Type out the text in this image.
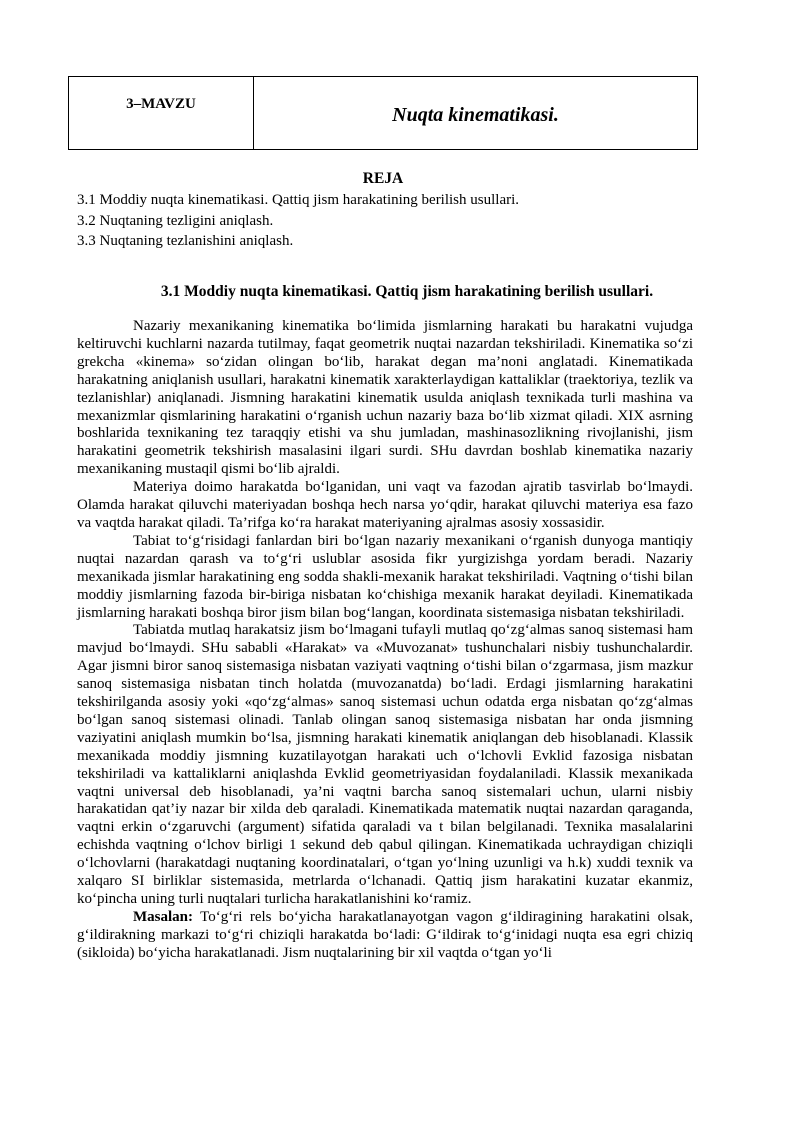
3–MAVZU	Nuqta kinematikasi.
REJA
3.1 Moddiy nuqta kinematikasi. Qattiq jism harakatining berilish usullari.
3.2 Nuqtaning tezligini aniqlash.
3.3 Nuqtaning tezlanishini aniqlash.
3.1 Moddiy nuqta kinematikasi. Qattiq jism harakatining berilish usullari.

Nazariy mexanikaning kinematika bo‘limida jismlarning harakati bu harakatni vujudga keltiruvchi kuchlarni nazarda tutilmay, faqat geometrik nuqtai nazardan tekshiriladi. Kinematika so‘zi grekcha «kinema» so‘zidan olingan bo‘lib, harakat degan ma’noni anglatadi. Kinematikada harakatning aniqlanish usullari, harakatni kinematik xarakterlaydigan kattaliklar (traektoriya, tezlik va tezlanishlar) aniqlanadi. Jismning harakatini kinematik usulda aniqlash texnikada turli mashina va mexanizmlar qismlarining harakatini o‘rganish uchun nazariy baza bo‘lib xizmat qiladi. XIX asrning boshlarida texnikaning tez taraqqiy etishi va shu jumladan, mashinasozlikning rivojlanishi, jism harakatini geometrik tekshirish masalasini ilgari surdi. SHu davrdan boshlab kinematika nazariy mexanikaning mustaqil qismi bo‘lib ajraldi.

Materiya doimo harakatda bo‘lganidan, uni vaqt va fazodan ajratib tasvirlab bo‘lmaydi. Olamda harakat qiluvchi materiyadan boshqa hech narsa yo‘qdir, harakat qiluvchi materiya esa fazo va vaqtda harakat qiladi. Ta’rifga ko‘ra harakat materiyaning ajralmas asosiy xossasidir.

Tabiat to‘g‘risidagi fanlardan biri bo‘lgan nazariy mexanikani o‘rganish dunyoga mantiqiy nuqtai nazardan qarash va to‘g‘ri uslublar asosida fikr yurgizishga yordam beradi. Nazariy mexanikada jismlar harakatining eng sodda shakli-mexanik harakat tekshiriladi. Vaqtning o‘tishi bilan moddiy jismlarning fazoda bir-biriga nisbatan ko‘chishiga mexanik harakat deyiladi. Kinematikada jismlarning harakati boshqa biror jism bilan bog‘langan, koordinata sistemasiga nisbatan tekshiriladi.

Tabiatda mutlaq harakatsiz jism bo‘lmagani tufayli mutlaq qo‘zg‘almas sanoq sistemasi ham mavjud bo‘lmaydi. SHu sababli «Harakat» va «Muvozanat» tushunchalari nisbiy tushunchalardir. Agar jismni biror sanoq sistemasiga nisbatan vaziyati vaqtning o‘tishi bilan o‘zgarmasa, jism mazkur sanoq sistemasiga nisbatan tinch holatda (muvozanatda) bo‘ladi. Erdagi jismlarning harakatini tekshirilganda asosiy yoki «qo‘zg‘almas» sanoq sistemasi uchun odatda erga nisbatan qo‘zg‘almas bo‘lgan sanoq sistemasi olinadi. Tanlab olingan sanoq sistemasiga nisbatan har onda jismning vaziyatini aniqlash mumkin bo‘lsa, jismning harakati kinematik aniqlangan deb hisoblanadi. Klassik mexanikada moddiy jismning kuzatilayotgan harakati uch o‘lchovli Evklid fazosiga nisbatan tekshiriladi va kattaliklarni aniqlashda Evklid geometriyasidan foydalaniladi. Klassik mexanikada vaqtni universal deb hisoblanadi, ya’ni vaqtni barcha sanoq sistemalari uchun, ularni nisbiy harakatidan qat’iy nazar bir xilda deb qaraladi. Kinematikada matematik nuqtai nazardan qaraganda, vaqtni erkin o‘zgaruvchi (argument) sifatida qaraladi va t bilan belgilanadi. Texnika masalalarini echishda vaqtning o‘lchov birligi 1 sekund deb qabul qilingan. Kinematikada uchraydigan chiziqli o‘lchovlarni (harakatdagi nuqtaning koordinatalari, o‘tgan yo‘lning uzunligi va h.k) xuddi texnik va xalqaro SI birliklar sistemasida, metrlarda o‘lchanadi. Qattiq jism harakatini kuzatar ekanmiz, ko‘pincha uning turli nuqtalari turlicha harakatlanishini ko‘ramiz.

Masalan: To‘g‘ri rels bo‘yicha harakatlanayotgan vagon g‘ildiragining harakatini olsak, g‘ildirakning markazi to‘g‘ri chiziqli harakatda bo‘ladi: G‘ildirak to‘g‘inidagi nuqta esa egri chiziq (sikloida) bo‘yicha harakatlanadi. Jism nuqtalarining bir xil vaqtda o‘tgan yo‘li
